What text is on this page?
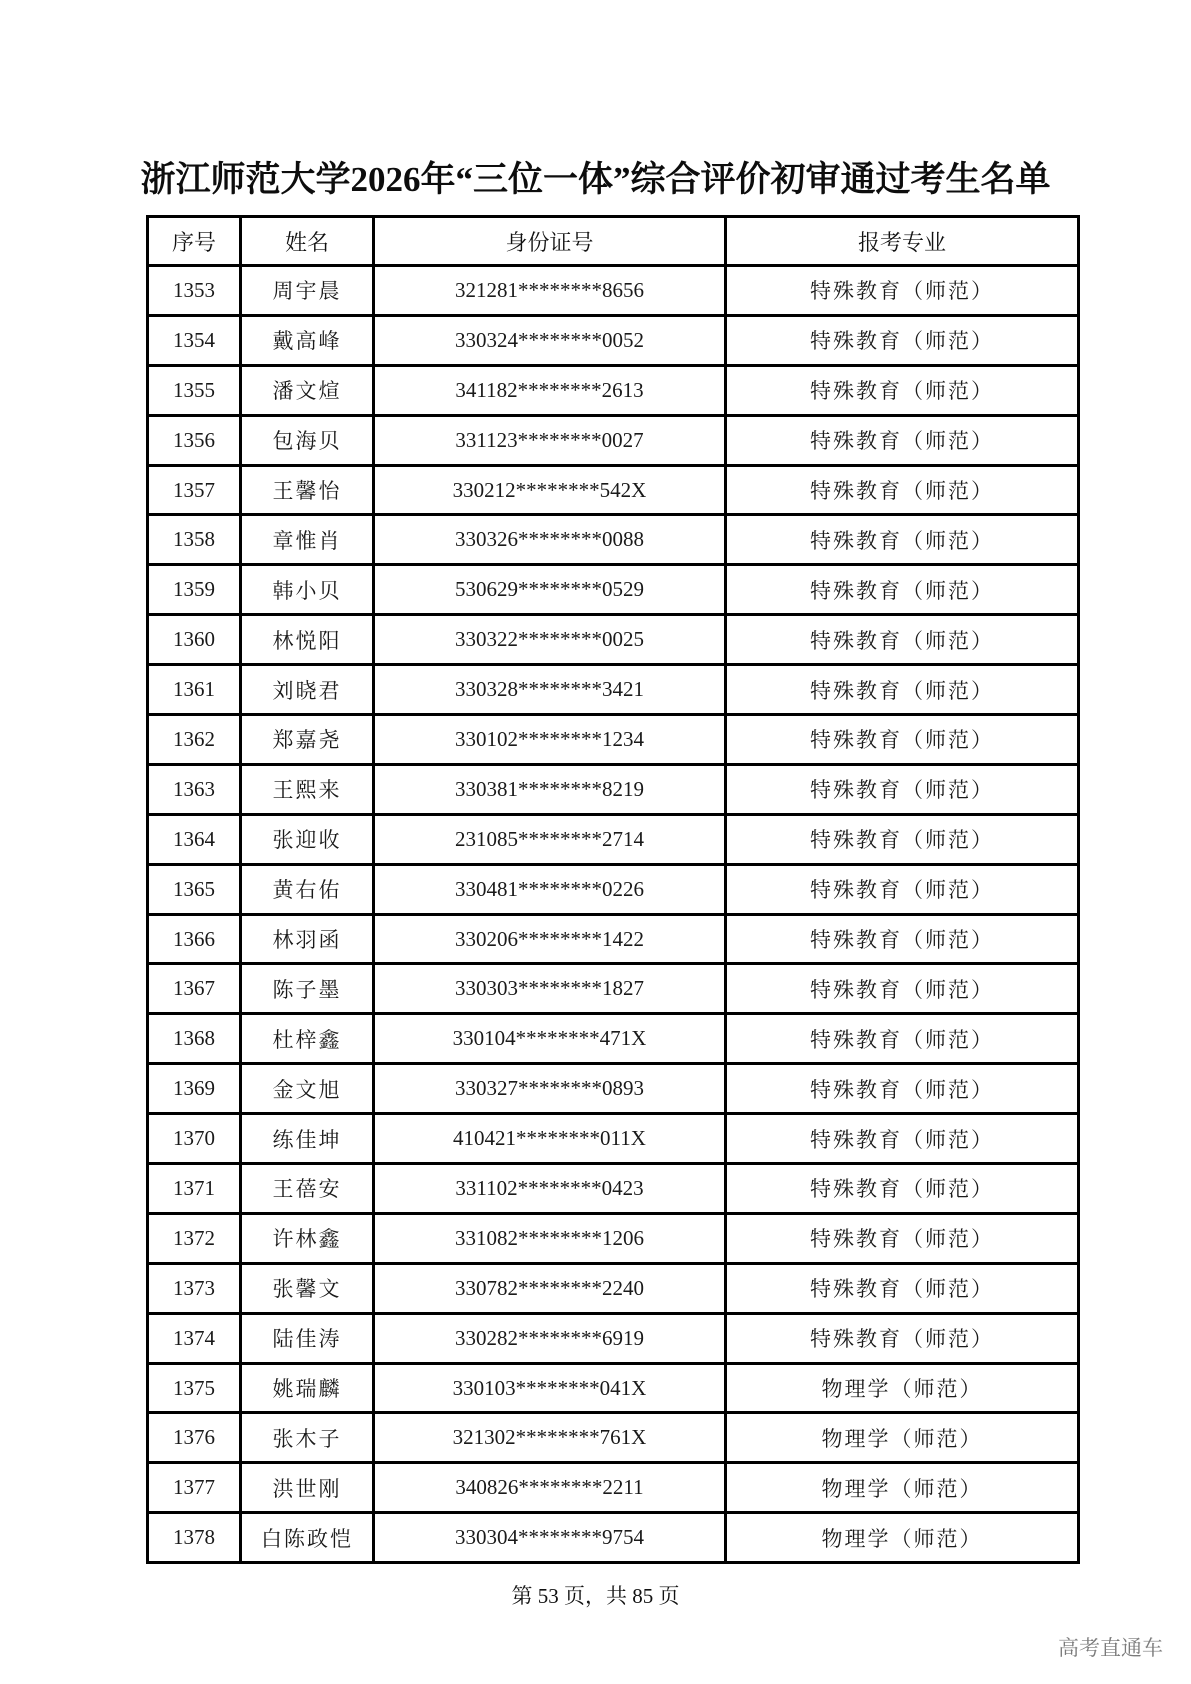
浙江师范大学2026年“三位一体”综合评价初审通过考生名单
序号	姓名	身份证号	报考专业
1353	周宇晨	321281********8656	特殊教育（师范）
1354	戴高峰	330324********0052	特殊教育（师范）
1355	潘文煊	341182********2613	特殊教育（师范）
1356	包海贝	331123********0027	特殊教育（师范）
1357	王馨怡	330212********542X	特殊教育（师范）
1358	章惟肖	330326********0088	特殊教育（师范）
1359	韩小贝	530629********0529	特殊教育（师范）
1360	林悦阳	330322********0025	特殊教育（师范）
1361	刘晓君	330328********3421	特殊教育（师范）
1362	郑嘉尧	330102********1234	特殊教育（师范）
1363	王熙来	330381********8219	特殊教育（师范）
1364	张迎收	231085********2714	特殊教育（师范）
1365	黄右佑	330481********0226	特殊教育（师范）
1366	林羽函	330206********1422	特殊教育（师范）
1367	陈子墨	330303********1827	特殊教育（师范）
1368	杜梓鑫	330104********471X	特殊教育（师范）
1369	金文旭	330327********0893	特殊教育（师范）
1370	练佳坤	410421********011X	特殊教育（师范）
1371	王蓓安	331102********0423	特殊教育（师范）
1372	许林鑫	331082********1206	特殊教育（师范）
1373	张馨文	330782********2240	特殊教育（师范）
1374	陆佳涛	330282********6919	特殊教育（师范）
1375	姚瑞麟	330103********041X	物理学（师范）
1376	张木子	321302********761X	物理学（师范）
1377	洪世刚	340826********2211	物理学（师范）
1378	白陈政恺	330304********9754	物理学（师范）
第 53 页，共 85 页
高考直通车
